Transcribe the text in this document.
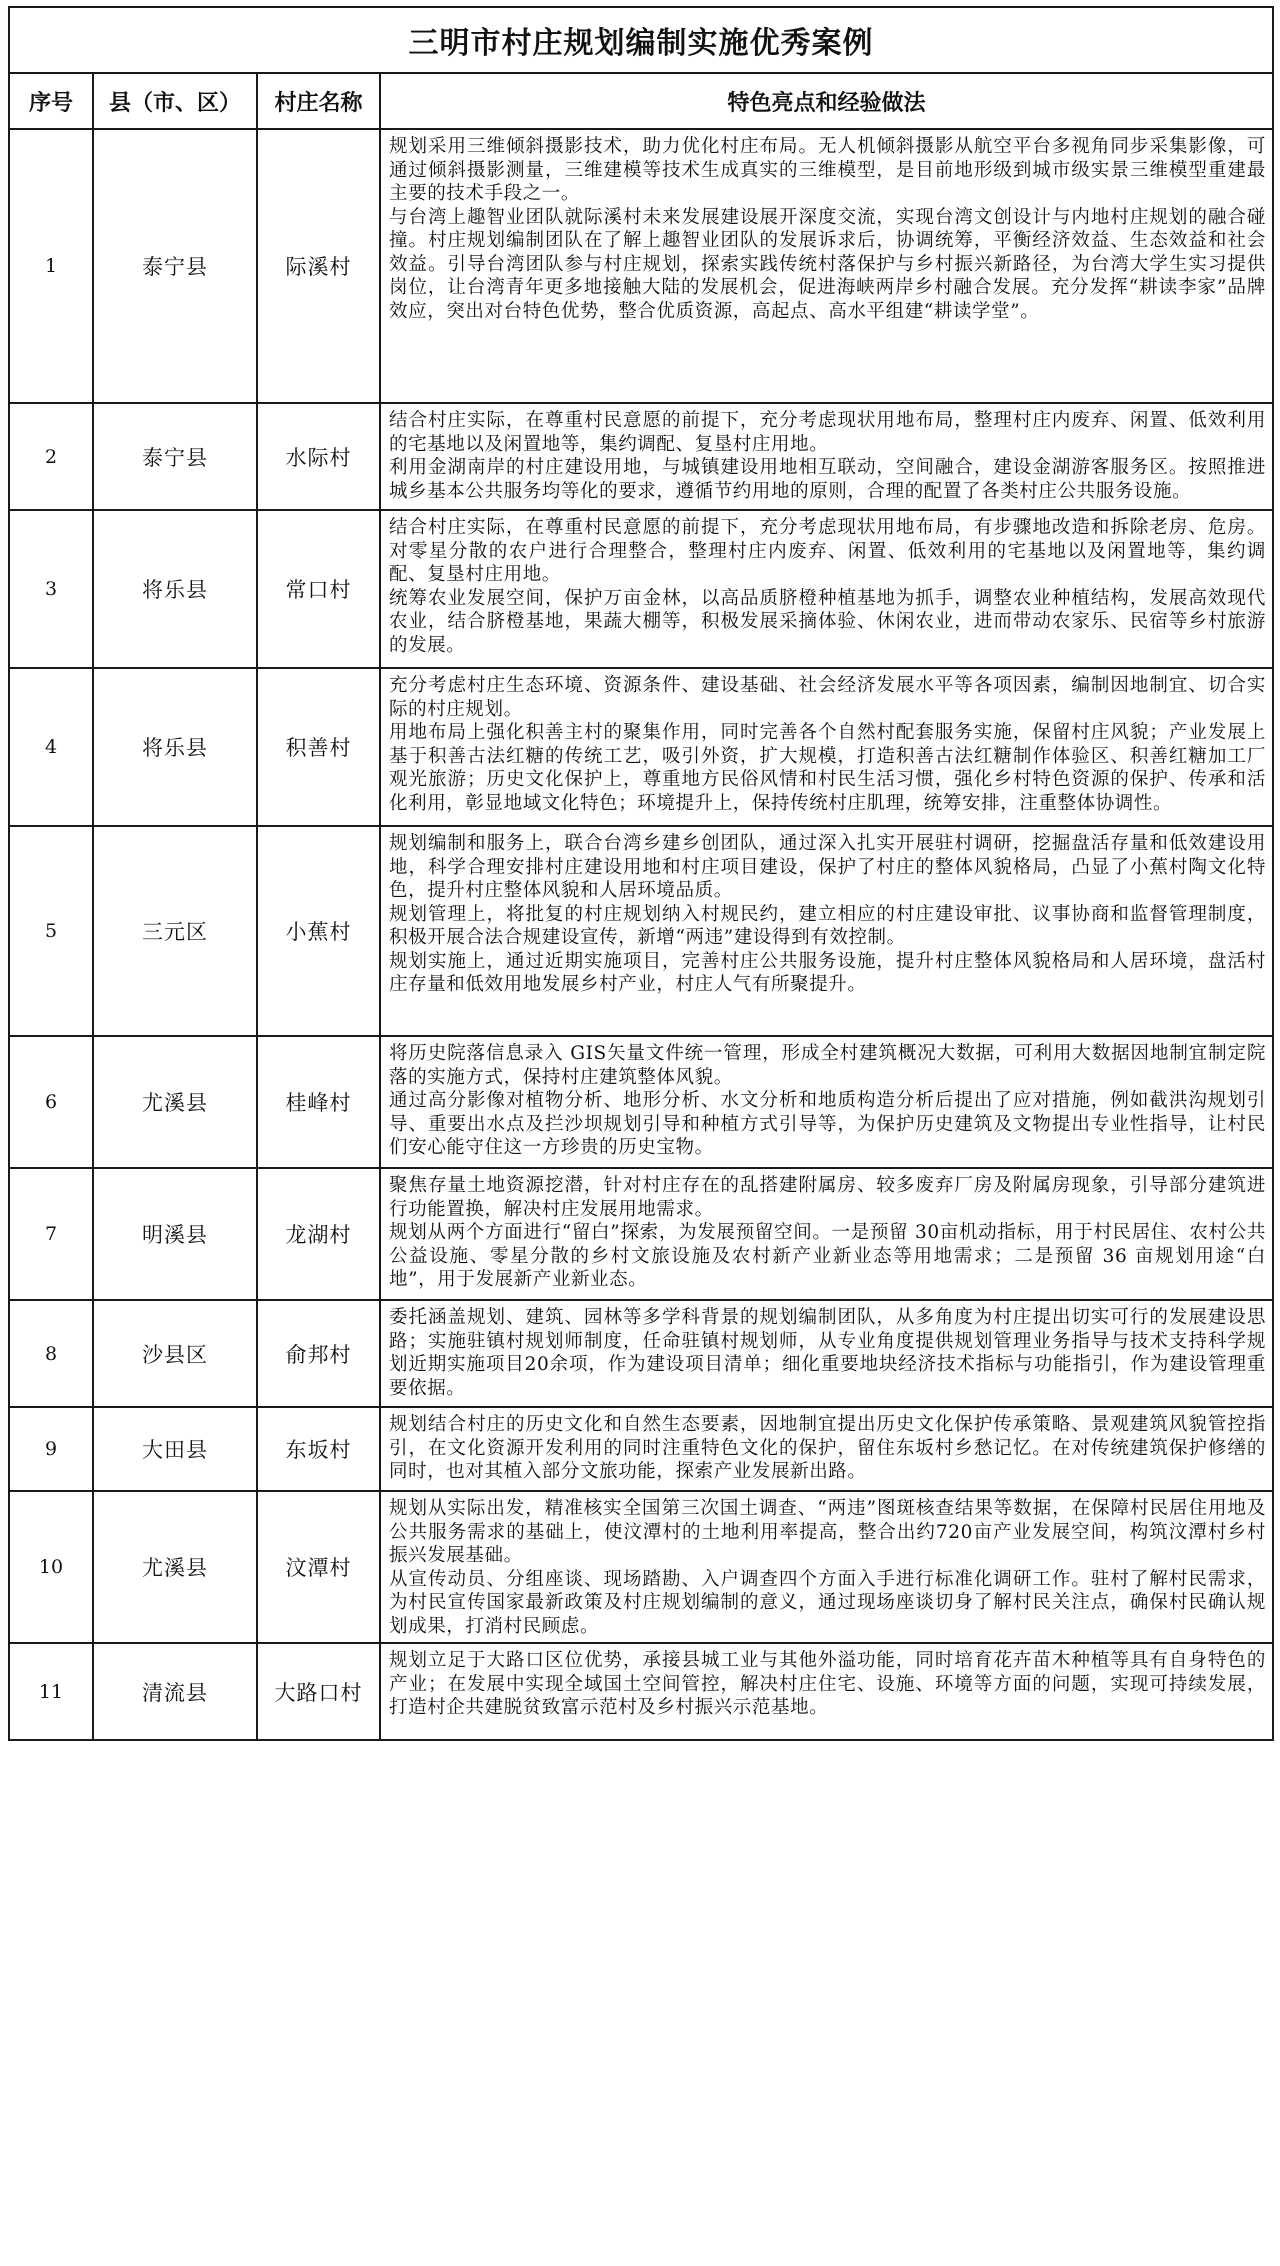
三明市村庄规划编制实施优秀案例			
序号	县（市、区）	村庄名称	特色亮点和经验做法
1	泰宁县	际溪村	规划采用三维倾斜摄影技术，助力优化村庄布局。无人机倾斜摄影从航空平台多视角同步采集影像，可通过倾斜摄影测量，三维建模等技术生成真实的三维模型，是目前地形级到城市级实景三维模型重建最主要的技术手段之一。

与台湾上趣智业团队就际溪村未来发展建设展开深度交流，实现台湾文创设计与内地村庄规划的融合碰撞。村庄规划编制团队在了解上趣智业团队的发展诉求后，协调统筹，平衡经济效益、生态效益和社会效益。引导台湾团队参与村庄规划，探索实践传统村落保护与乡村振兴新路径，为台湾大学生实习提供岗位，让台湾青年更多地接触大陆的发展机会，促进海峡两岸乡村融合发展。充分发挥“耕读李家”品牌效应，突出对台特色优势，整合优质资源，高起点、高水平组建“耕读学堂”。

2	泰宁县	水际村	结合村庄实际，在尊重村民意愿的前提下，充分考虑现状用地布局，整理村庄内废弃、闲置、低效利用的宅基地以及闲置地等，集约调配、复垦村庄用地。

利用金湖南岸的村庄建设用地，与城镇建设用地相互联动，空间融合，建设金湖游客服务区。按照推进城乡基本公共服务均等化的要求，遵循节约用地的原则，合理的配置了各类村庄公共服务设施。

3	将乐县	常口村	结合村庄实际，在尊重村民意愿的前提下，充分考虑现状用地布局，有步骤地改造和拆除老房、危房。对零星分散的农户进行合理整合，整理村庄内废弃、闲置、低效利用的宅基地以及闲置地等，集约调配、复垦村庄用地。

统筹农业发展空间，保护万亩金林，以高品质脐橙种植基地为抓手，调整农业种植结构，发展高效现代农业，结合脐橙基地，果蔬大棚等，积极发展采摘体验、休闲农业，进而带动农家乐、民宿等乡村旅游的发展。

4	将乐县	积善村	充分考虑村庄生态环境、资源条件、建设基础、社会经济发展水平等各项因素，编制因地制宜、切合实际的村庄规划。

用地布局上强化积善主村的聚集作用，同时完善各个自然村配套服务实施，保留村庄风貌；产业发展上基于积善古法红糖的传统工艺，吸引外资，扩大规模，打造积善古法红糖制作体验区、积善红糖加工厂观光旅游；历史文化保护上，尊重地方民俗风情和村民生活习惯，强化乡村特色资源的保护、传承和活化利用，彰显地域文化特色；环境提升上，保持传统村庄肌理，统筹安排，注重整体协调性。

5	三元区	小蕉村	规划编制和服务上，联合台湾乡建乡创团队，通过深入扎实开展驻村调研，挖掘盘活存量和低效建设用地，科学合理安排村庄建设用地和村庄项目建设，保护了村庄的整体风貌格局，凸显了小蕉村陶文化特色，提升村庄整体风貌和人居环境品质。

规划管理上，将批复的村庄规划纳入村规民约，建立相应的村庄建设审批、议事协商和监督管理制度，积极开展合法合规建设宣传，新增“两违”建设得到有效控制。

规划实施上，通过近期实施项目，完善村庄公共服务设施，提升村庄整体风貌格局和人居环境，盘活村庄存量和低效用地发展乡村产业，村庄人气有所聚提升。

6	尤溪县	桂峰村	将历史院落信息录入 GIS矢量文件统一管理，形成全村建筑概况大数据，可利用大数据因地制宜制定院落的实施方式，保持村庄建筑整体风貌。

通过高分影像对植物分析、地形分析、水文分析和地质构造分析后提出了应对措施，例如截洪沟规划引导、重要出水点及拦沙坝规划引导和种植方式引导等，为保护历史建筑及文物提出专业性指导，让村民们安心能守住这一方珍贵的历史宝物。

7	明溪县	龙湖村	聚焦存量土地资源挖潜，针对村庄存在的乱搭建附属房、较多废弃厂房及附属房现象，引导部分建筑进行功能置换，解决村庄发展用地需求。

规划从两个方面进行“留白”探索，为发展预留空间。一是预留 30亩机动指标，用于村民居住、农村公共公益设施、零星分散的乡村文旅设施及农村新产业新业态等用地需求；二是预留 36 亩规划用途“白地”，用于发展新产业新业态。

8	沙县区	俞邦村	委托涵盖规划、建筑、园林等多学科背景的规划编制团队，从多角度为村庄提出切实可行的发展建设思路；实施驻镇村规划师制度，任命驻镇村规划师，从专业角度提供规划管理业务指导与技术支持科学规划近期实施项目20余项，作为建设项目清单；细化重要地块经济技术指标与功能指引，作为建设管理重要依据。

9	大田县	东坂村	规划结合村庄的历史文化和自然生态要素，因地制宜提出历史文化保护传承策略、景观建筑风貌管控指引，在文化资源开发利用的同时注重特色文化的保护，留住东坂村乡愁记忆。在对传统建筑保护修缮的同时，也对其植入部分文旅功能，探索产业发展新出路。

10	尤溪县	汶潭村	规划从实际出发，精准核实全国第三次国土调查、“两违”图斑核查结果等数据，在保障村民居住用地及公共服务需求的基础上，使汶潭村的土地利用率提高，整合出约720亩产业发展空间，构筑汶潭村乡村振兴发展基础。

从宣传动员、分组座谈、现场踏勘、入户调查四个方面入手进行标准化调研工作。驻村了解村民需求，为村民宣传国家最新政策及村庄规划编制的意义，通过现场座谈切身了解村民关注点，确保村民确认规划成果，打消村民顾虑。

11	清流县	大路口村	规划立足于大路口区位优势，承接县城工业与其他外溢功能，同时培育花卉苗木种植等具有自身特色的产业；在发展中实现全域国土空间管控，解决村庄住宅、设施、环境等方面的问题，实现可持续发展，打造村企共建脱贫致富示范村及乡村振兴示范基地。
